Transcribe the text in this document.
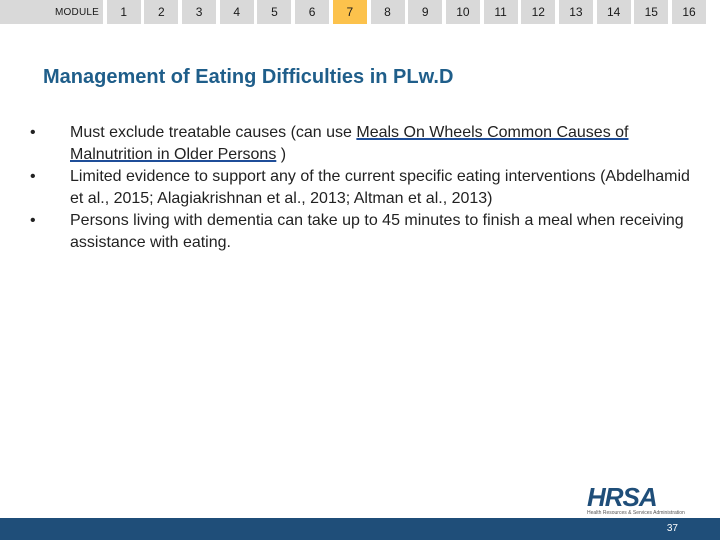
MODULE	1	2	3	4	5	6	7	8	9	10	11	12	13	14	15	16
Management of Eating Difficulties in PLw.D
•	Must exclude treatable causes (can use Meals On Wheels Common Causes of Malnutrition in Older Persons )
•	Limited evidence to support any of the current specific eating interventions (Abdelhamid et al., 2015; Alagiakrishnan et al., 2013; Altman et al., 2013)
•	Persons living with dementia can take up to 45 minutes to finish a meal when receiving assistance with eating.
HRSA
Health Resources & Services Administration
37
